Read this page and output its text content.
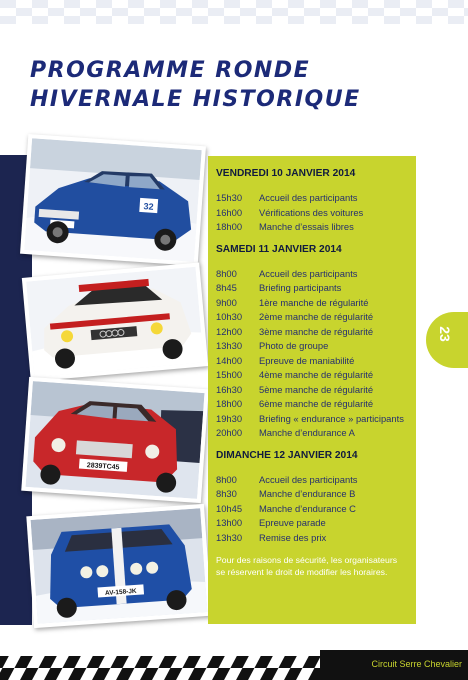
PROGRAMME RONDE
HIVERNALE HISTORIQUE
32
2839TC45
AV-158-JK
VENDREDI 10 JANVIER 2014
15h30	Accueil des participants
16h00	Vérifications des voitures
18h00	Manche d’essais libres
SAMEDI 11 JANVIER 2014
8h00	Accueil des participants
8h45	Briefing participants
9h00	1ère manche de régularité
10h30	2ème manche de régularité
12h00	3ème manche de régularité
13h30	Photo de groupe
14h00	Epreuve de maniabilité
15h00	4ème manche de régularité
16h30	5ème manche de régularité
18h00	6ème manche de régularité
19h30	Briefing « endurance » participants
20h00	Manche d’endurance A
DIMANCHE 12 JANVIER 2014
8h00	Accueil des participants
8h30	Manche d’endurance B
10h45	Manche d’endurance C
13h00	Epreuve parade
13h30	Remise des prix

Pour des raisons de sécurité, les organisateurs se réservent le droit de modifier les horaires.

23
Circuit Serre Chevalier
